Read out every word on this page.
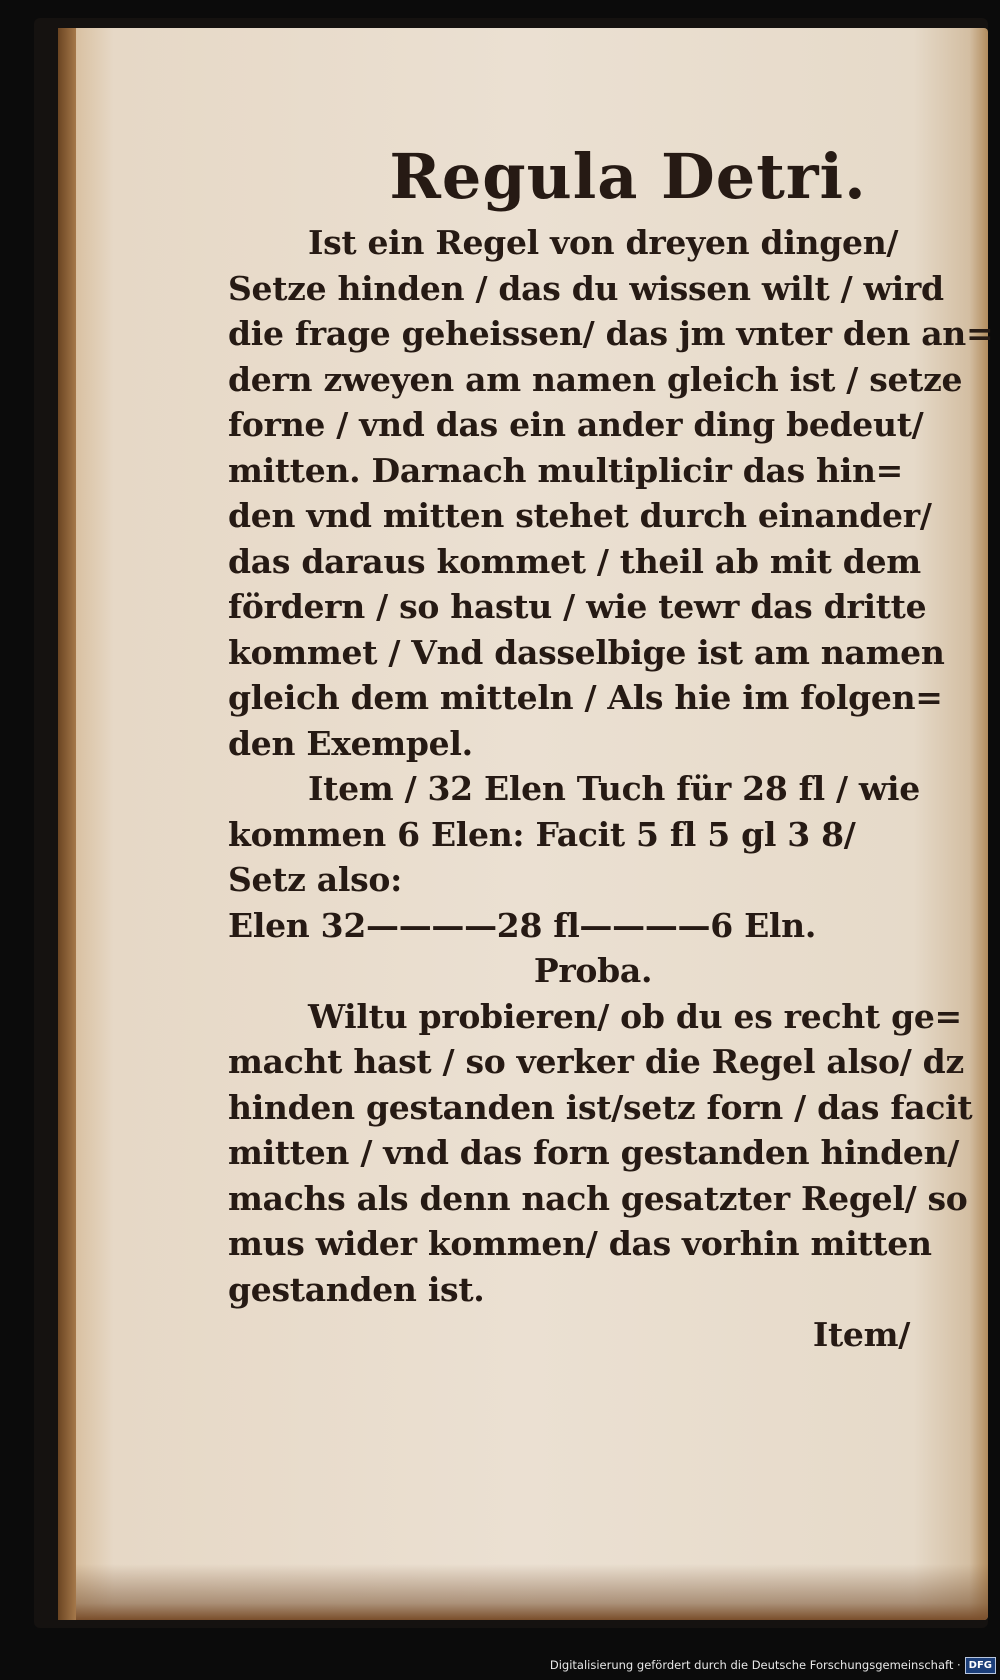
Regula Detri.
Ist ein Regel von dreyen dingen/
Setze hinden / das du wissen wilt / wird
die frage geheissen/ das jm vnter den an=
dern zweyen am namen gleich ist / setze
forne / vnd das ein ander ding bedeut/
mitten. Darnach multiplicir das hin=
den vnd mitten stehet durch einander/
das daraus kommet / theil ab mit dem
fördern / so hastu / wie tewr das dritte
kommet / Vnd dasselbige ist am namen
gleich dem mitteln / Als hie im folgen=
den Exempel.
Item / 32 Elen Tuch für 28 fl / wie
kommen 6 Elen: Facit 5 fl 5 gl 3 8/
Setz also:
Elen 32————28 fl————6 Eln.
Proba.
Wiltu probieren/ ob du es recht ge=
macht hast / so verker die Regel also/ dz
hinden gestanden ist/setz forn / das facit
mitten / vnd das forn gestanden hinden/
machs als denn nach gesatzter Regel/ so
mus wider kommen/ das vorhin mitten
gestanden ist.
Item/
Digitalisierung gefördert durch die Deutsche Forschungsgemeinschaft · DFG
